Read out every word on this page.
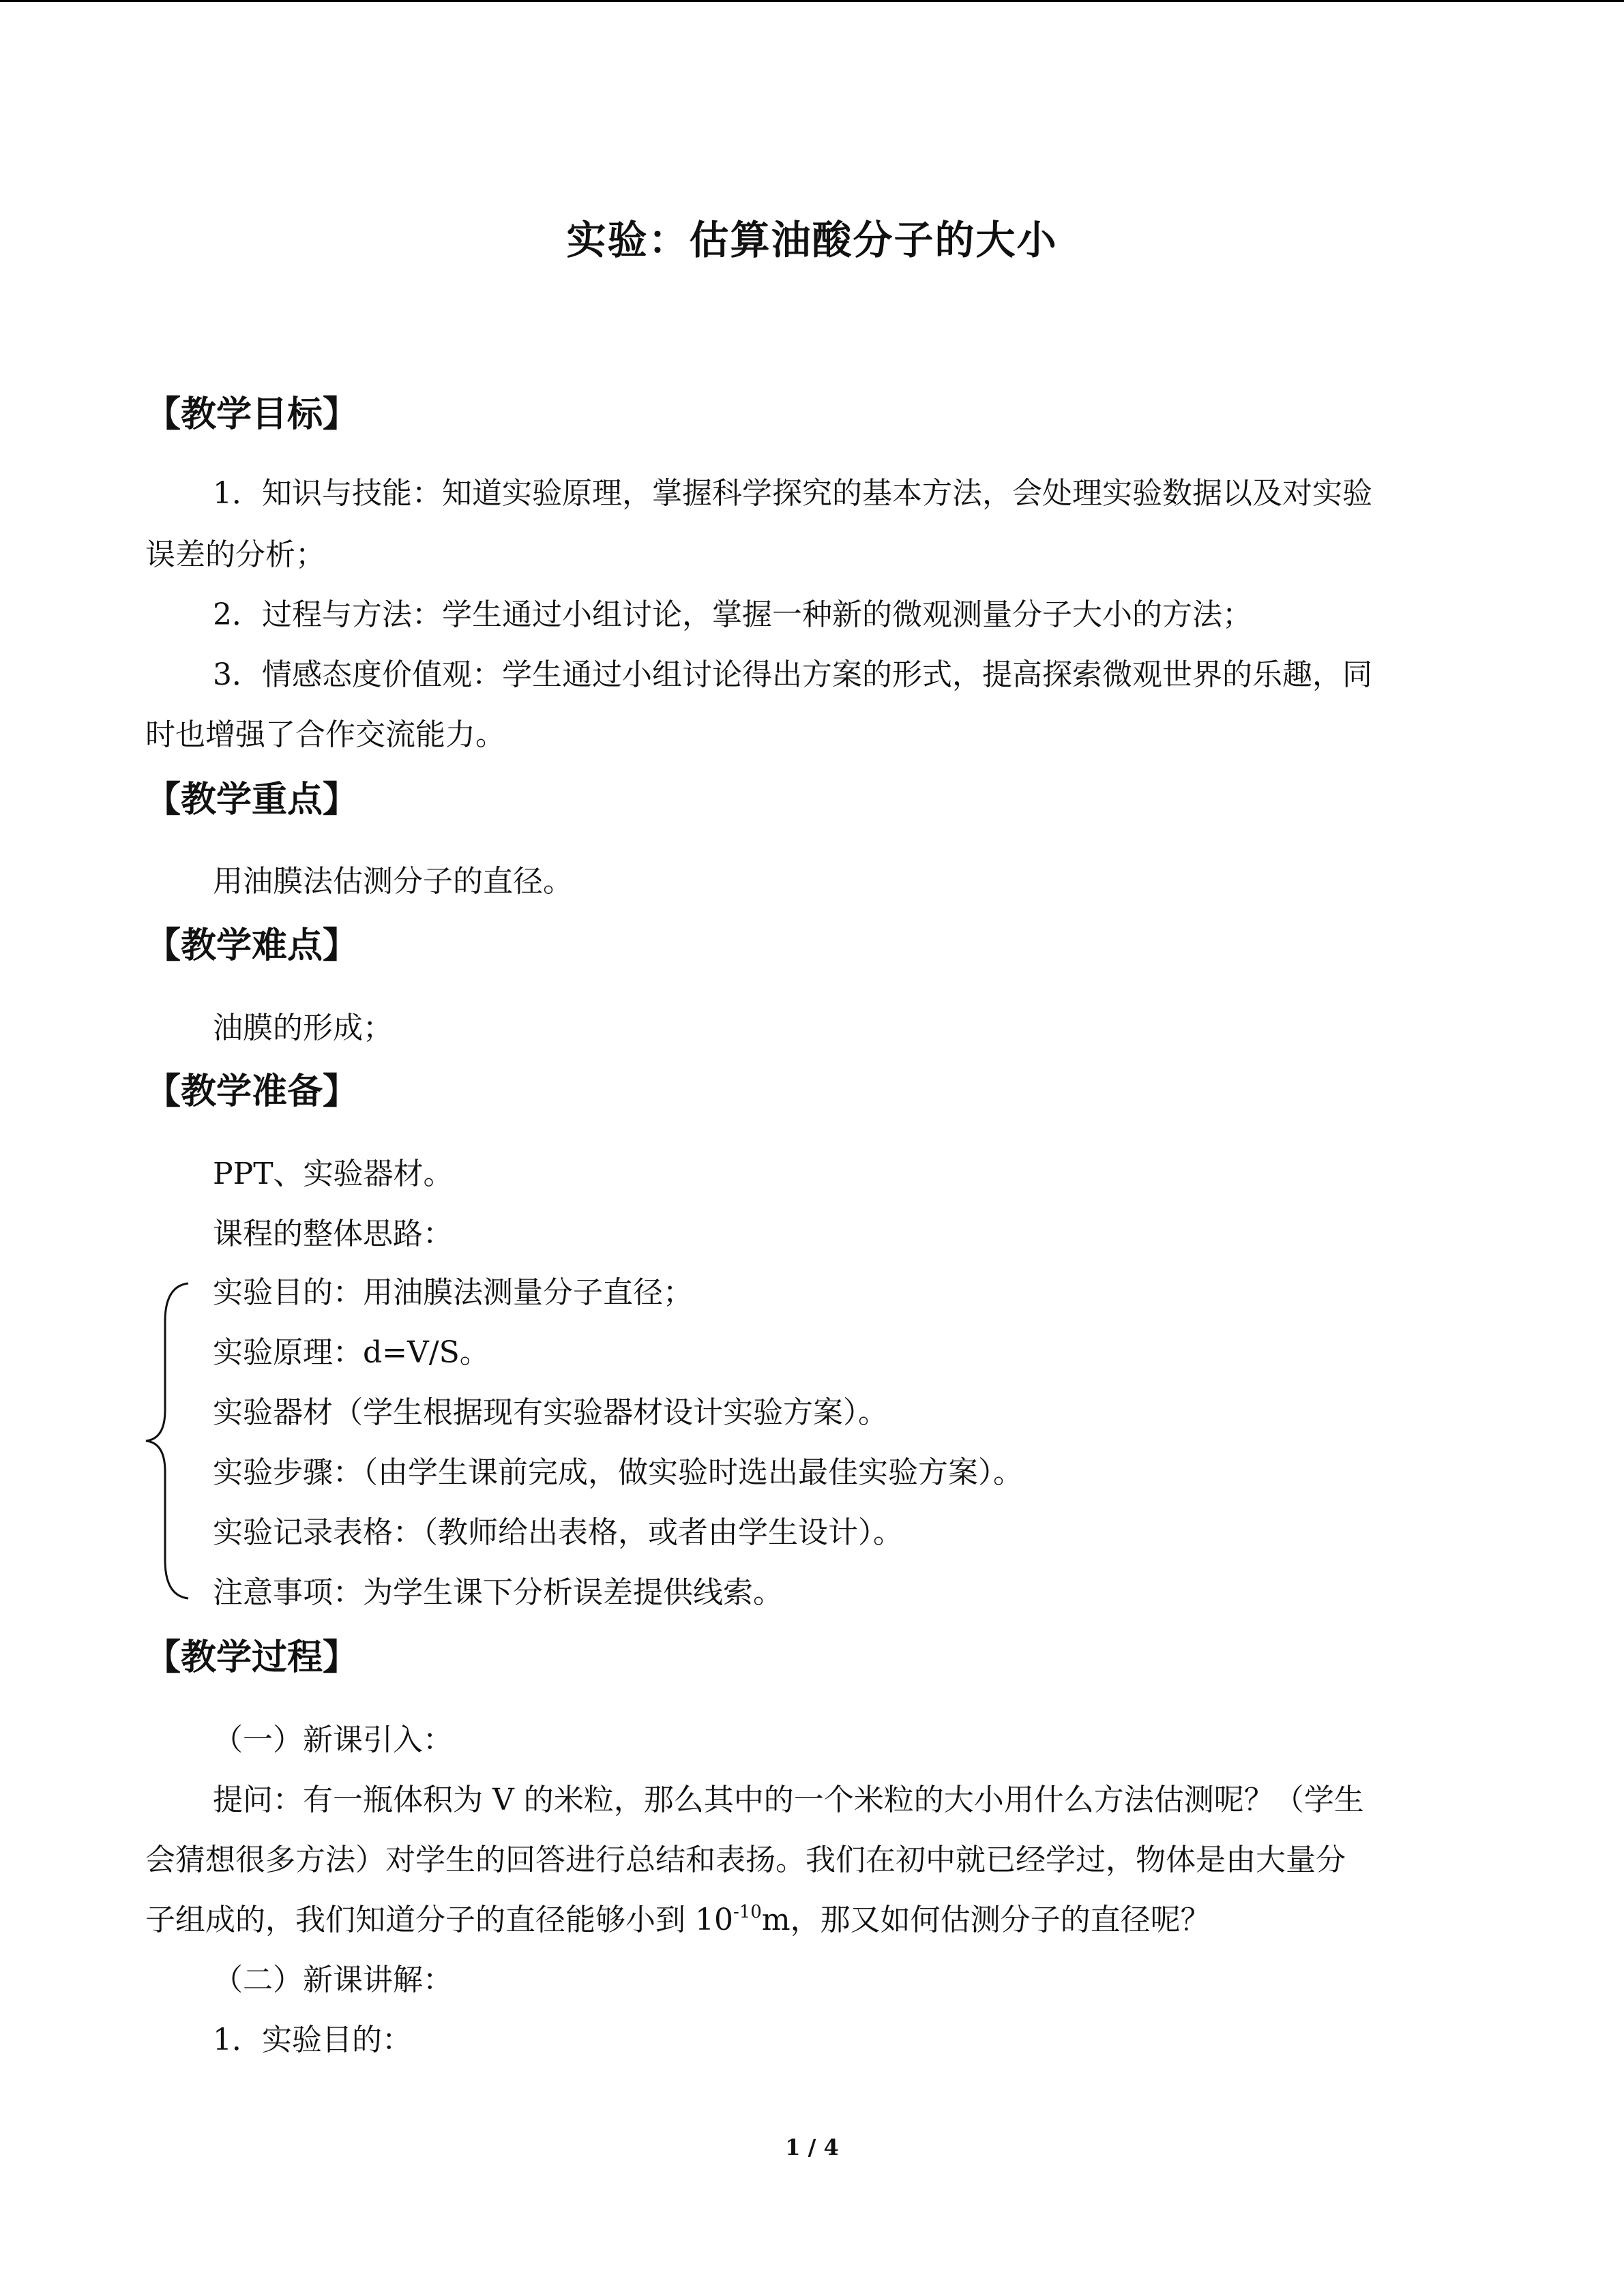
实验：估算油酸分子的大小
【教学目标】
1．知识与技能：知道实验原理，掌握科学探究的基本方法，会处理实验数据以及对实验
误差的分析；
2．过程与方法：学生通过小组讨论，掌握一种新的微观测量分子大小的方法；
3．情感态度价值观：学生通过小组讨论得出方案的形式，提高探索微观世界的乐趣，同
时也增强了合作交流能力。
【教学重点】
用油膜法估测分子的直径。
【教学难点】
油膜的形成；
【教学准备】
PPT、实验器材。
课程的整体思路：
实验目的：用油膜法测量分子直径；
实验原理：d=V/S。
实验器材（学生根据现有实验器材设计实验方案）。
实验步骤：（由学生课前完成，做实验时选出最佳实验方案）。
实验记录表格：（教师给出表格，或者由学生设计）。
注意事项：为学生课下分析误差提供线索。
【教学过程】
（一）新课引入：
提问：有一瓶体积为 V 的米粒，那么其中的一个米粒的大小用什么方法估测呢？（学生
会猜想很多方法）对学生的回答进行总结和表扬。我们在初中就已经学过，物体是由大量分
子组成的，我们知道分子的直径能够小到 $10^{-10}m$，那又如何估测分子的直径呢？
（二）新课讲解：
1．实验目的：
1 / 4
